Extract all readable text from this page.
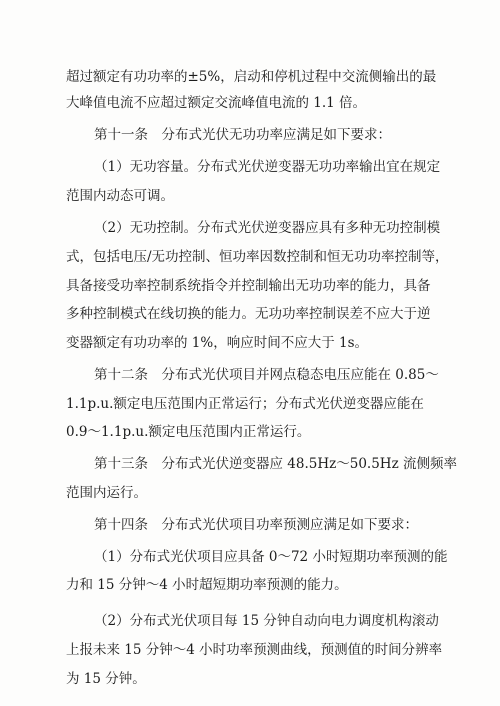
超过额定有功功率的±5%，启动和停机过程中交流侧输出的最
大峰值电流不应超过额定交流峰值电流的 1.1 倍。
第十一条　分布式光伏无功功率应满足如下要求：
（1）无功容量。分布式光伏逆变器无功功率输出宜在规定
范围内动态可调。
（2）无功控制。分布式光伏逆变器应具有多种无功控制模
式，包括电压/无功控制、恒功率因数控制和恒无功功率控制等，
具备接受功率控制系统指令并控制输出无功功率的能力，具备
多种控制模式在线切换的能力。无功功率控制误差不应大于逆
变器额定有功功率的 1%，响应时间不应大于 1s。
第十二条　分布式光伏项目并网点稳态电压应能在 0.85～
1.1p.u.额定电压范围内正常运行；分布式光伏逆变器应能在
0.9～1.1p.u.额定电压范围内正常运行。
第十三条　分布式光伏逆变器应 48.5Hz～50.5Hz 流侧频率
范围内运行。
第十四条　分布式光伏项目功率预测应满足如下要求：
（1）分布式光伏项目应具备 0～72 小时短期功率预测的能
力和 15 分钟～4 小时超短期功率预测的能力。
（2）分布式光伏项目每 15 分钟自动向电力调度机构滚动
上报未来 15 分钟～4 小时功率预测曲线，预测值的时间分辨率
为 15 分钟。
